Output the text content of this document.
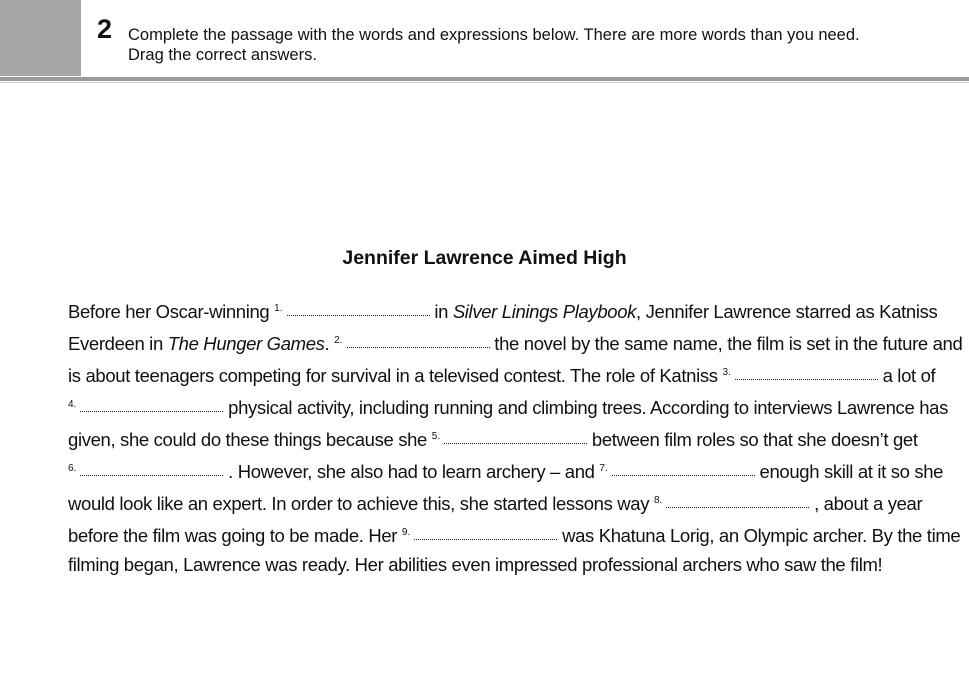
2 Complete the passage with the words and expressions below. There are more words than you need.
Drag the correct answers.
Jennifer Lawrence Aimed High
Before her Oscar-winning $^{1.}$	in Silver Linings Playbook, Jennifer Lawrence starred as Katniss
Everdeen in The Hunger Games. $^{2.}$	the novel by the same name, the film is set in the future and
is about teenagers competing for survival in a televised contest. The role of Katniss $^{3.}$	a lot of
$^{4.}$	physical activity, including running and climbing trees. According to interviews Lawrence has
given, she could do these things because she $^{5.}$	between film roles so that she doesn’t get
$^{6.}$	. However, she also had to learn archery – and $^{7.}$	enough skill at it so she
would look like an expert. In order to achieve this, she started lessons way $^{8.}$	, about a year
before the film was going to be made. Her $^{9.}$	was Khatuna Lorig, an Olympic archer. By the time
filming began, Lawrence was ready. Her abilities even impressed professional archers who saw the film!
